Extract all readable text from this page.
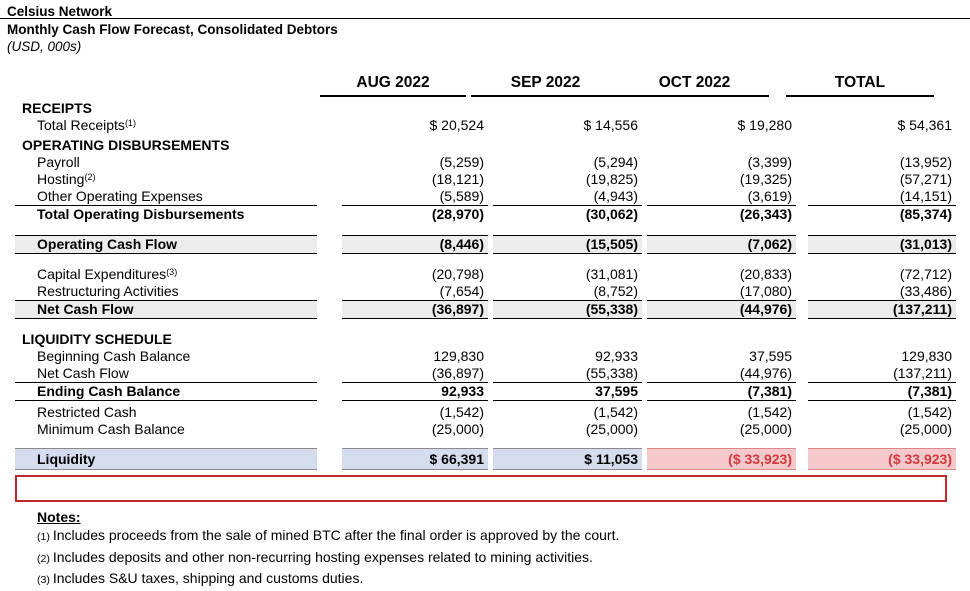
Celsius Network
Monthly Cash Flow Forecast, Consolidated Debtors
(USD, 000s)
AUG 2022	SEP 2022	OCT 2022	TOTAL
RECEIPTS								
Total Receipts$^{(1)}$		$ 20,524		$ 14,556		$ 19,280		$ 54,361

OPERATING DISBURSEMENTS								
Payroll		(5,259)		(5,294)		(3,399)		(13,952)
Hosting$^{(2)}$		(18,121)		(19,825)		(19,325)		(57,271)
Other Operating Expenses		(5,589)		(4,943)		(3,619)		(14,151)
Total Operating Disbursements		(28,970)		(30,062)		(26,343)		(85,374)

Operating Cash Flow		(8,446)		(15,505)		(7,062)		(31,013)

Capital Expenditures$^{(3)}$		(20,798)		(31,081)		(20,833)		(72,712)
Restructuring Activities		(7,654)		(8,752)		(17,080)		(33,486)
Net Cash Flow		(36,897)		(55,338)		(44,976)		(137,211)

LIQUIDITY SCHEDULE								
Beginning Cash Balance		129,830		92,933		37,595		129,830
Net Cash Flow		(36,897)		(55,338)		(44,976)		(137,211)
Ending Cash Balance		92,933		37,595		(7,381)		(7,381)

Restricted Cash		(1,542)		(1,542)		(1,542)		(1,542)
Minimum Cash Balance		(25,000)		(25,000)		(25,000)		(25,000)

Liquidity		$ 66,391		$ 11,053		($ 33,923)		($ 33,923)
Notes:
(1) Includes proceeds from the sale of mined BTC after the final order is approved by the court.
(2) Includes deposits and other non-recurring hosting expenses related to mining activities.
(3) Includes S&U taxes, shipping and customs duties.
